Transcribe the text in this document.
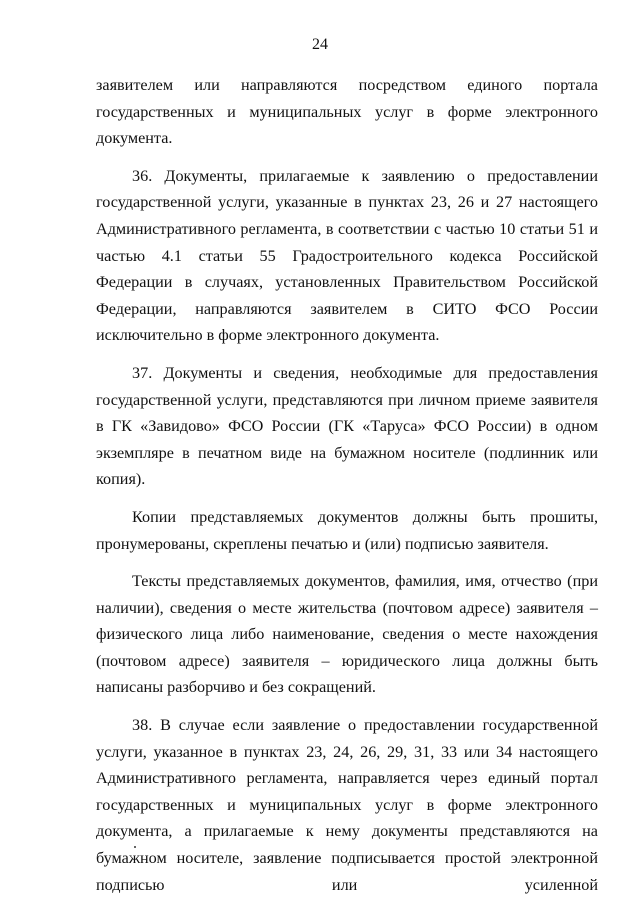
24

заявителем или направляются посредством единого портала государственных и муниципальных услуг в форме электронного документа.

36. Документы, прилагаемые к заявлению о предоставлении государственной услуги, указанные в пунктах 23, 26 и 27 настоящего Административного регламента, в соответствии с частью 10 статьи 51 и частью 4.1 статьи 55 Градостроительного кодекса Российской Федерации в случаях, установленных Правительством Российской Федерации, направляются заявителем в СИТО ФСО России исключительно в форме электронного документа.

37. Документы и сведения, необходимые для предоставления государственной услуги, представляются при личном приеме заявителя в ГК «Завидово» ФСО России (ГК «Таруса» ФСО России) в одном экземпляре в печатном виде на бумажном носителе (подлинник или копия).

Копии представляемых документов должны быть прошиты, пронумерованы, скреплены печатью и (или) подписью заявителя.

Тексты представляемых документов, фамилия, имя, отчество (при наличии), сведения о месте жительства (почтовом адресе) заявителя – физического лица либо наименование, сведения о месте нахождения (почтовом адресе) заявителя – юридического лица должны быть написаны разборчиво и без сокращений.

38. В случае если заявление о предоставлении государственной услуги, указанное в пунктах 23, 24, 26, 29, 31, 33 или 34 настоящего Административного регламента, направляется через единый портал государственных и муниципальных услуг в форме электронного документа, а прилагаемые к нему документы представляются на бумажном носителе, заявление подписывается простой электронной подписью или усиленной
